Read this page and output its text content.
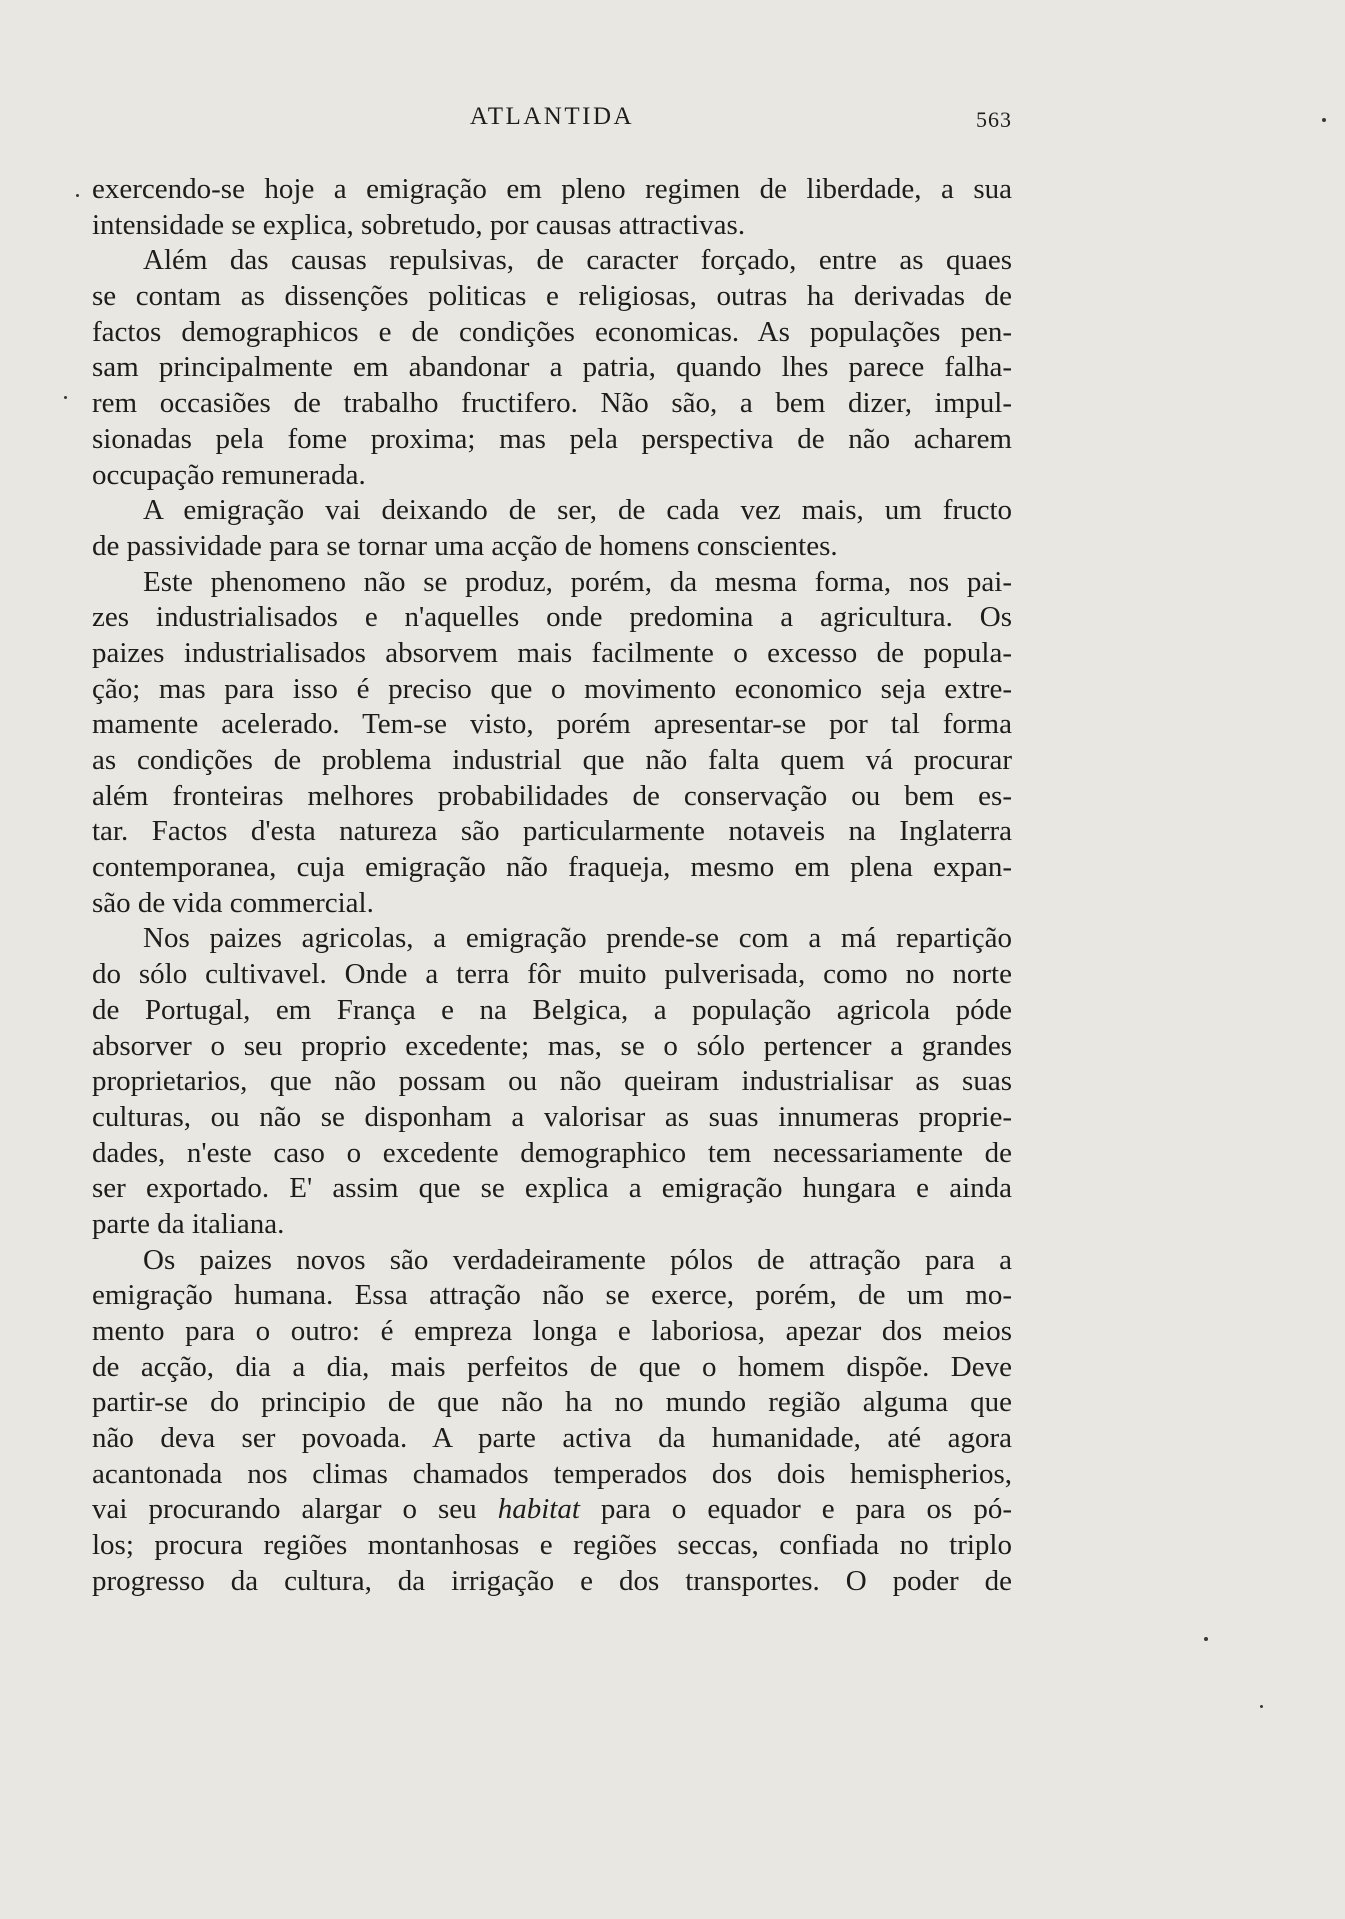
ATLANTIDA	563
exercendo-se hoje a emigração em pleno regimen de liberdade, a sua
intensidade se explica, sobretudo, por causas attractivas.
Além das causas repulsivas, de caracter forçado, entre as quaes
se contam as dissenções politicas e religiosas, outras ha derivadas de
factos demographicos e de condições economicas. As populações pen-
sam principalmente em abandonar a patria, quando lhes parece falha-
rem occasiões de trabalho fructifero. Não são, a bem dizer, impul-
sionadas pela fome proxima; mas pela perspectiva de não acharem
occupação remunerada.
A emigração vai deixando de ser, de cada vez mais, um fructo
de passividade para se tornar uma acção de homens conscientes.
Este phenomeno não se produz, porém, da mesma forma, nos pai-
zes industrialisados e n'aquelles onde predomina a agricultura. Os
paizes industrialisados absorvem mais facilmente o excesso de popula-
ção; mas para isso é preciso que o movimento economico seja extre-
mamente acelerado. Tem-se visto, porém apresentar-se por tal forma
as condições de problema industrial que não falta quem vá procurar
além fronteiras melhores probabilidades de conservação ou bem es-
tar. Factos d'esta natureza são particularmente notaveis na Inglaterra
contemporanea, cuja emigração não fraqueja, mesmo em plena expan-
são de vida commercial.
Nos paizes agricolas, a emigração prende-se com a má repartição
do sólo cultivavel. Onde a terra fôr muito pulverisada, como no norte
de Portugal, em França e na Belgica, a população agricola póde
absorver o seu proprio excedente; mas, se o sólo pertencer a grandes
proprietarios, que não possam ou não queiram industrialisar as suas
culturas, ou não se disponham a valorisar as suas innumeras proprie-
dades, n'este caso o excedente demographico tem necessariamente de
ser exportado. E' assim que se explica a emigração hungara e ainda
parte da italiana.
Os paizes novos são verdadeiramente pólos de attração para a
emigração humana. Essa attração não se exerce, porém, de um mo-
mento para o outro: é empreza longa e laboriosa, apezar dos meios
de acção, dia a dia, mais perfeitos de que o homem dispõe. Deve
partir-se do principio de que não ha no mundo região alguma que
não deva ser povoada. A parte activa da humanidade, até agora
acantonada nos climas chamados temperados dos dois hemispherios,
vai procurando alargar o seu habitat para o equador e para os pó-
los; procura regiões montanhosas e regiões seccas, confiada no triplo
progresso da cultura, da irrigação e dos transportes. O poder de
